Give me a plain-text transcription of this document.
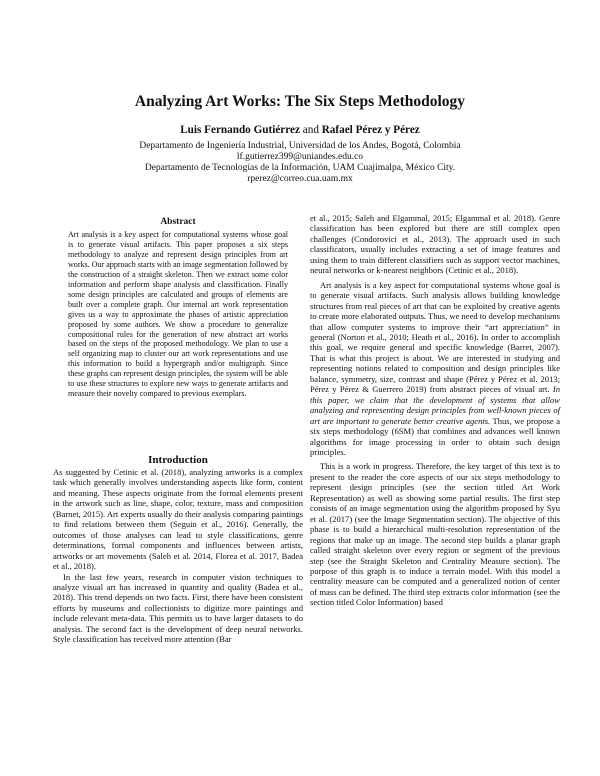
Analyzing Art Works: The Six Steps Methodology
Luis Fernando Gutiérrez and Rafael Pérez y Pérez
Departamento de Ingeniería Industrial, Universidad de los Andes, Bogotá, Colombia
lf.gutierrez399@uniandes.edu.co
Departamento de Tecnologías de la Información, UAM Cuajimalpa, México City.
rperez@correo.cua.uam.mx
Abstract

Art analysis is a key aspect for computational systems whose goal is to generate visual artifacts. This paper proposes a six steps methodology to analyze and represent design principles from art works. Our approach starts with an image segmentation followed by the construction of a straight skeleton. Then we extract some color information and perform shape analysis and classification. Finally some design principles are calculated and groups of elements are built over a complete graph. Our internal art work representation gives us a way to approximate the phases of artistic appreciation proposed by some authors. We show a procedure to generalize compositional rules for the generation of new abstract art works based on the steps of the proposed methodology. We plan to use a self organizing map to cluster our art work representations and use this information to build a hypergraph and/or multigraph. Since these graphs can represent design principles, the system will be able to use these structures to explore new ways to generate artifacts and measure their novelty compared to previous exemplars.

Introduction

As suggested by Cetinic et al. (2018), analyzing artworks is a complex task which generally involves understanding aspects like form, content and meaning. These aspects originate from the formal elements present in the artwork such as line, shape, color, texture, mass and composition (Barnet, 2015). Art experts usually do their analysis comparing paintings to find relations between them (Seguin et al., 2016). Generally, the outcomes of those analyses can lead to style classifications, genre determinations, formal components and influences between artists, artworks or art movements (Saleh et al. 2014, Florea et al. 2017, Badea et al., 2018).

In the last few years, research in computer vision techniques to analyze visual art has increased in quantity and quality (Badea et al., 2018). This trend depends on two facts. First, there have been consistent efforts by museums and collectionists to digitize more paintings and include relevant meta-data. This permits us to have larger datasets to do analysis. The second fact is the development of deep neural networks. Style classification has received more attention (Bar

et al., 2015; Saleh and Elgammal, 2015; Elgammal et al. 2018). Genre classification has been explored but there are still complex open challenges (Condorovici et al., 2013). The approach used in such classificators, usually includes extracting a set of image features and using them to train different classifiers such as support vector machines, neural networks or k-nearest neighbors (Cetinic et al., 2018).

Art analysis is a key aspect for computational systems whose goal is to generate visual artifacts. Such analysis allows building knowledge structures from real pieces of art that can be exploited by creative agents to create more elaborated outputs. Thus, we need to develop mechanisms that allow computer systems to improve their “art appreciation” in general (Norton et al., 2010; Heath et al., 2016). In order to accomplish this goal, we require general and specific knowledge (Barret, 2007). That is what this project is about. We are interested in studying and representing notions related to composition and design principles like balance, symmetry, size, contrast and shape (Pérez y Pérez et al. 2013; Pérez y Pérez & Guerrero 2019) from abstract pieces of visual art. In this paper, we claim that the development of systems that allow analyzing and representing design principles from well-known pieces of art are important to generate better creative agents. Thus, we propose a six steps methodology (6SM) that combines and advances well known algorithms for image processing in order to obtain such design principles.

This is a work in progress. Therefore, the key target of this text is to present to the reader the core aspects of our six steps methodology to represent design principles (see the section titled Art Work Representation) as well as showing some partial results. The first step consists of an image segmentation using the algorithm proposed by Syu et al. (2017) (see the Image Segmentation section). The objective of this phase is to build a hierarchical multi-resolution representation of the regions that make up an image. The second step builds a planar graph called straight skeleton over every region or segment of the previous step (see the Straight Skeleton and Centrality Measure section). The purpose of this graph is to induce a terrain model. With this model a centrality measure can be computed and a generalized notion of center of mass can be defined. The third step extracts color information (see the section titled Color Information) based
